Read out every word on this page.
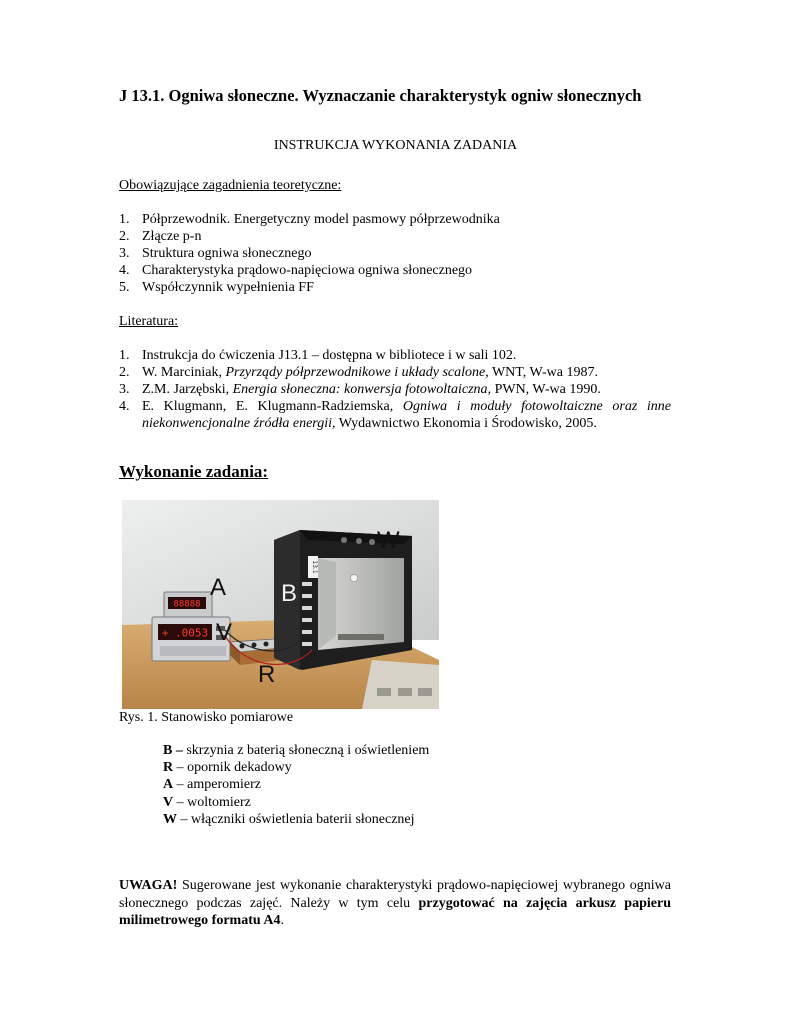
J 13.1. Ogniwa słoneczne. Wyznaczanie charakterystyk ogniw słonecznych
INSTRUKCJA WYKONANIA ZADANIA
Obowiązujące zagadnienia teoretyczne:
1. Półprzewodnik. Energetyczny model pasmowy półprzewodnika
2. Złącze p-n
3. Struktura ogniwa słonecznego
4. Charakterystyka prądowo-napięciowa ogniwa słonecznego
5. Współczynnik wypełnienia FF
Literatura:
1. Instrukcja do ćwiczenia J13.1 – dostępna w bibliotece i w sali 102.
2. W. Marciniak, Przyrządy półprzewodnikowe i układy scalone, WNT, W-wa 1987.
3. Z.M. Jarzębski, Energia słoneczna: konwersja fotowoltaiczna, PWN, W-wa 1990.
4. E. Klugmann, E. Klugmann-Radziemska, Ogniwa i moduły fotowoltaiczne oraz inne niekonwencjonalne źródła energii, Wydawnictwo Ekonomia i Środowisko, 2005.
Wykonanie zadania:
88888
+ .0053
13.1
A
V
R
B
W
Rys. 1. Stanowisko pomiarowe
B – skrzynia z baterią słoneczną i oświetleniem
R – opornik dekadowy
A – amperomierz
V – woltomierz
W – włączniki oświetlenia baterii słonecznej
UWAGA! Sugerowane jest wykonanie charakterystyki prądowo-napięciowej wybranego ogniwa słonecznego podczas zajęć. Należy w tym celu przygotować na zajęcia arkusz papieru milimetrowego formatu A4.
